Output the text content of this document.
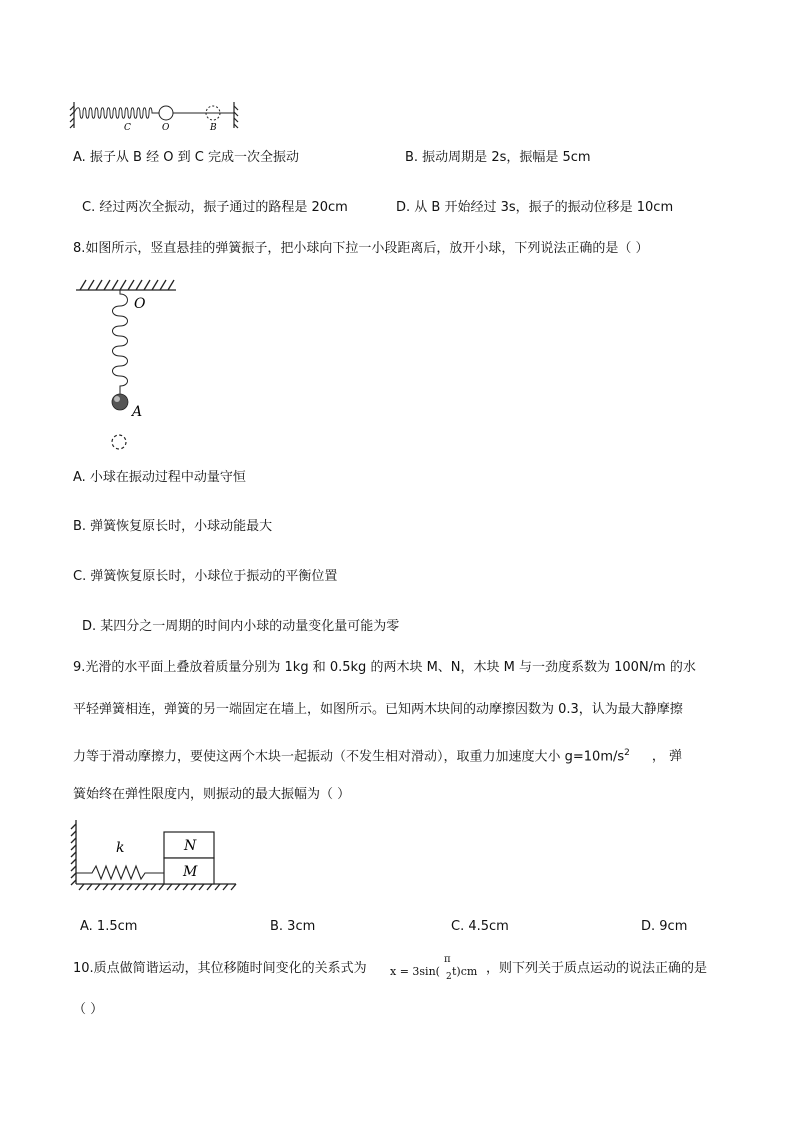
C	O	B
A. 振子从 B 经 O 到 C 完成一次全振动	B. 振动周期是 2s，振幅是 5cm
C. 经过两次全振动，振子通过的路程是 20cm	D. 从 B 开始经过 3s，振子的振动位移是 10cm
8.如图所示，竖直悬挂的弹簧振子，把小球向下拉一小段距离后，放开小球，下列说法正确的是（ ）
O
A
A. 小球在振动过程中动量守恒
B. 弹簧恢复原长时，小球动能最大
C. 弹簧恢复原长时，小球位于振动的平衡位置
D. 某四分之一周期的时间内小球的动量变化量可能为零
9.光滑的水平面上叠放着质量分别为 1kg 和 0.5kg 的两木块 M、N，木块 M 与一劲度系数为 100N/m 的水
平轻弹簧相连，弹簧的另一端固定在墙上，如图所示。已知两木块间的动摩擦因数为 0.3，认为最大静摩擦
力等于滑动摩擦力，要使这两个木块一起振动（不发生相对滑动），取重力加速度大小 $g=10m/s^2$ ， 弹
簧始终在弹性限度内，则振动的最大振幅为（ ）
k	N
M
A. 1.5cm	B. 3cm	C. 4.5cm	D. 9cm
10.质点做简谐运动，其位移随时间变化的关系式为
π
x = 3sin( 2 t)cm ，则下列关于质点运动的说法正确的是
（ ）
